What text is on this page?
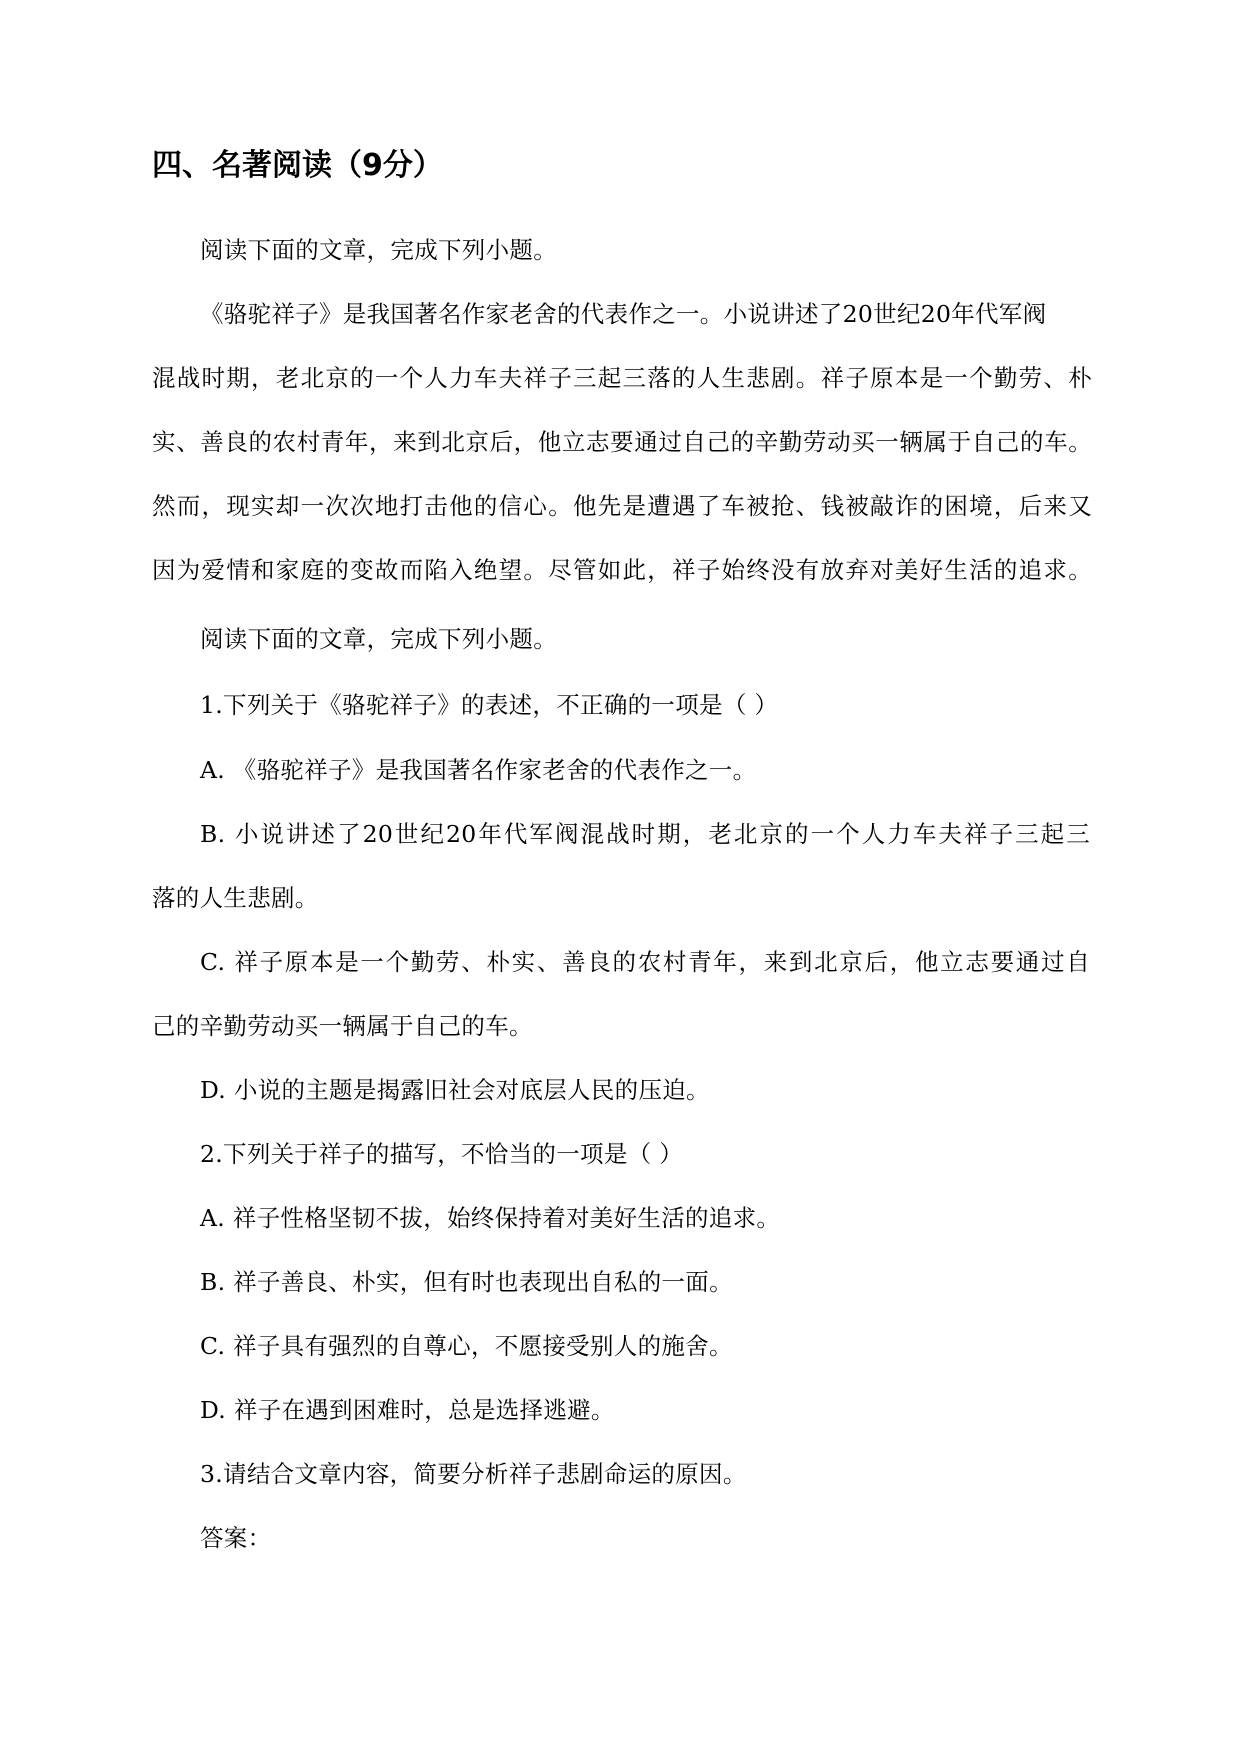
四、名著阅读（9分）

阅读下面的文章，完成下列小题。

《骆驼祥子》是我国著名作家老舍的代表作之一。小说讲述了20世纪20年代军阀

混战时期，老北京的一个人力车夫祥子三起三落的人生悲剧。祥子原本是一个勤劳、朴

实、善良的农村青年，来到北京后，他立志要通过自己的辛勤劳动买一辆属于自己的车。

然而，现实却一次次地打击他的信心。他先是遭遇了车被抢、钱被敲诈的困境，后来又

因为爱情和家庭的变故而陷入绝望。尽管如此，祥子始终没有放弃对美好生活的追求。

阅读下面的文章，完成下列小题。

1.下列关于《骆驼祥子》的表述，不正确的一项是（ ）

A. 《骆驼祥子》是我国著名作家老舍的代表作之一。

B. 小说讲述了20世纪20年代军阀混战时期，老北京的一个人力车夫祥子三起三

落的人生悲剧。

C. 祥子原本是一个勤劳、朴实、善良的农村青年，来到北京后，他立志要通过自

己的辛勤劳动买一辆属于自己的车。

D. 小说的主题是揭露旧社会对底层人民的压迫。

2.下列关于祥子的描写，不恰当的一项是（ ）

A. 祥子性格坚韧不拔，始终保持着对美好生活的追求。

B. 祥子善良、朴实，但有时也表现出自私的一面。

C. 祥子具有强烈的自尊心，不愿接受别人的施舍。

D. 祥子在遇到困难时，总是选择逃避。

3.请结合文章内容，简要分析祥子悲剧命运的原因。

答案：
